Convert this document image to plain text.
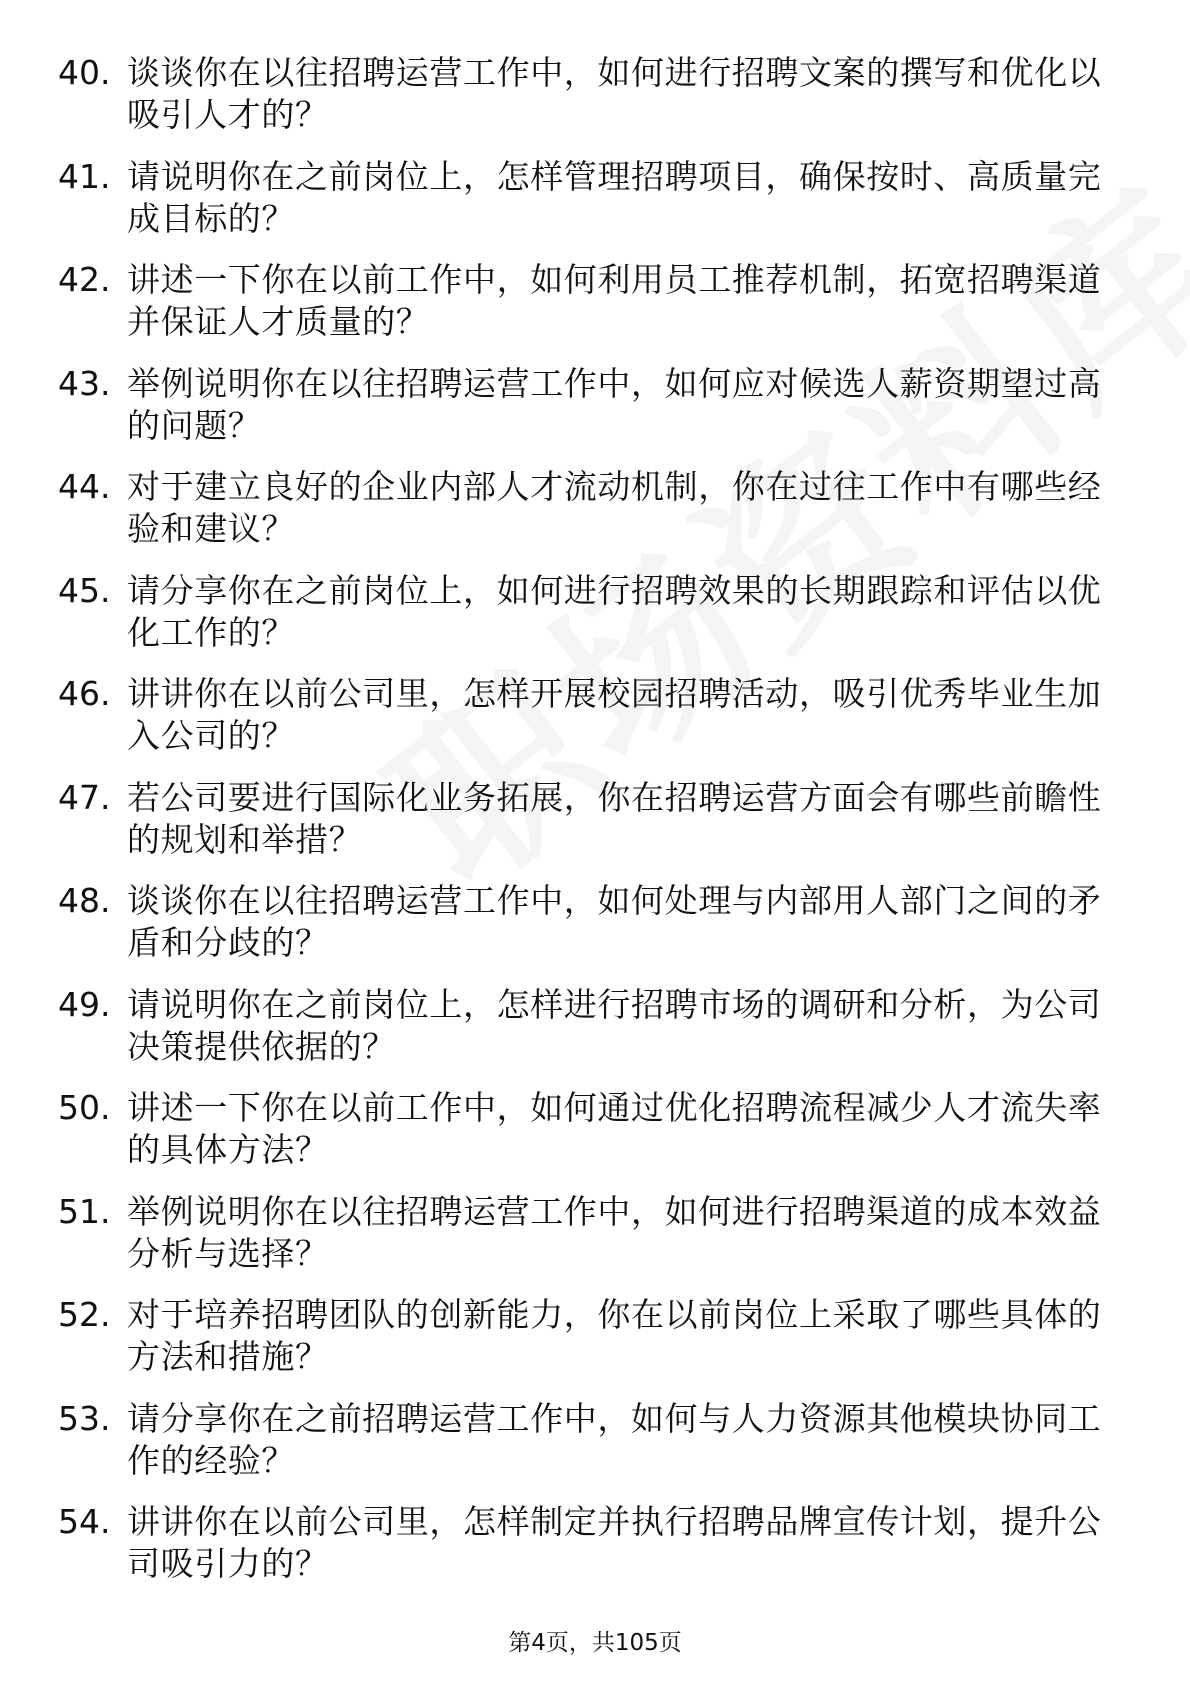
40. 谈谈你在以往招聘运营工作中，如何进行招聘文案的撰写和优化以吸引人才的？
41. 请说明你在之前岗位上，怎样管理招聘项目，确保按时、高质量完成目标的？
42. 讲述一下你在以前工作中，如何利用员工推荐机制，拓宽招聘渠道并保证人才质量的？
43. 举例说明你在以往招聘运营工作中，如何应对候选人薪资期望过高的问题？
44. 对于建立良好的企业内部人才流动机制，你在过往工作中有哪些经验和建议？
45. 请分享你在之前岗位上，如何进行招聘效果的长期跟踪和评估以优化工作的？
46. 讲讲你在以前公司里，怎样开展校园招聘活动，吸引优秀毕业生加入公司的？
47. 若公司要进行国际化业务拓展，你在招聘运营方面会有哪些前瞻性的规划和举措？
48. 谈谈你在以往招聘运营工作中，如何处理与内部用人部门之间的矛盾和分歧的？
49. 请说明你在之前岗位上，怎样进行招聘市场的调研和分析，为公司决策提供依据的？
50. 讲述一下你在以前工作中，如何通过优化招聘流程减少人才流失率的具体方法？
51. 举例说明你在以往招聘运营工作中，如何进行招聘渠道的成本效益分析与选择？
52. 对于培养招聘团队的创新能力，你在以前岗位上采取了哪些具体的方法和措施？
53. 请分享你在之前招聘运营工作中，如何与人力资源其他模块协同工作的经验？
54. 讲讲你在以前公司里，怎样制定并执行招聘品牌宣传计划，提升公司吸引力的？
第4页，共105页
